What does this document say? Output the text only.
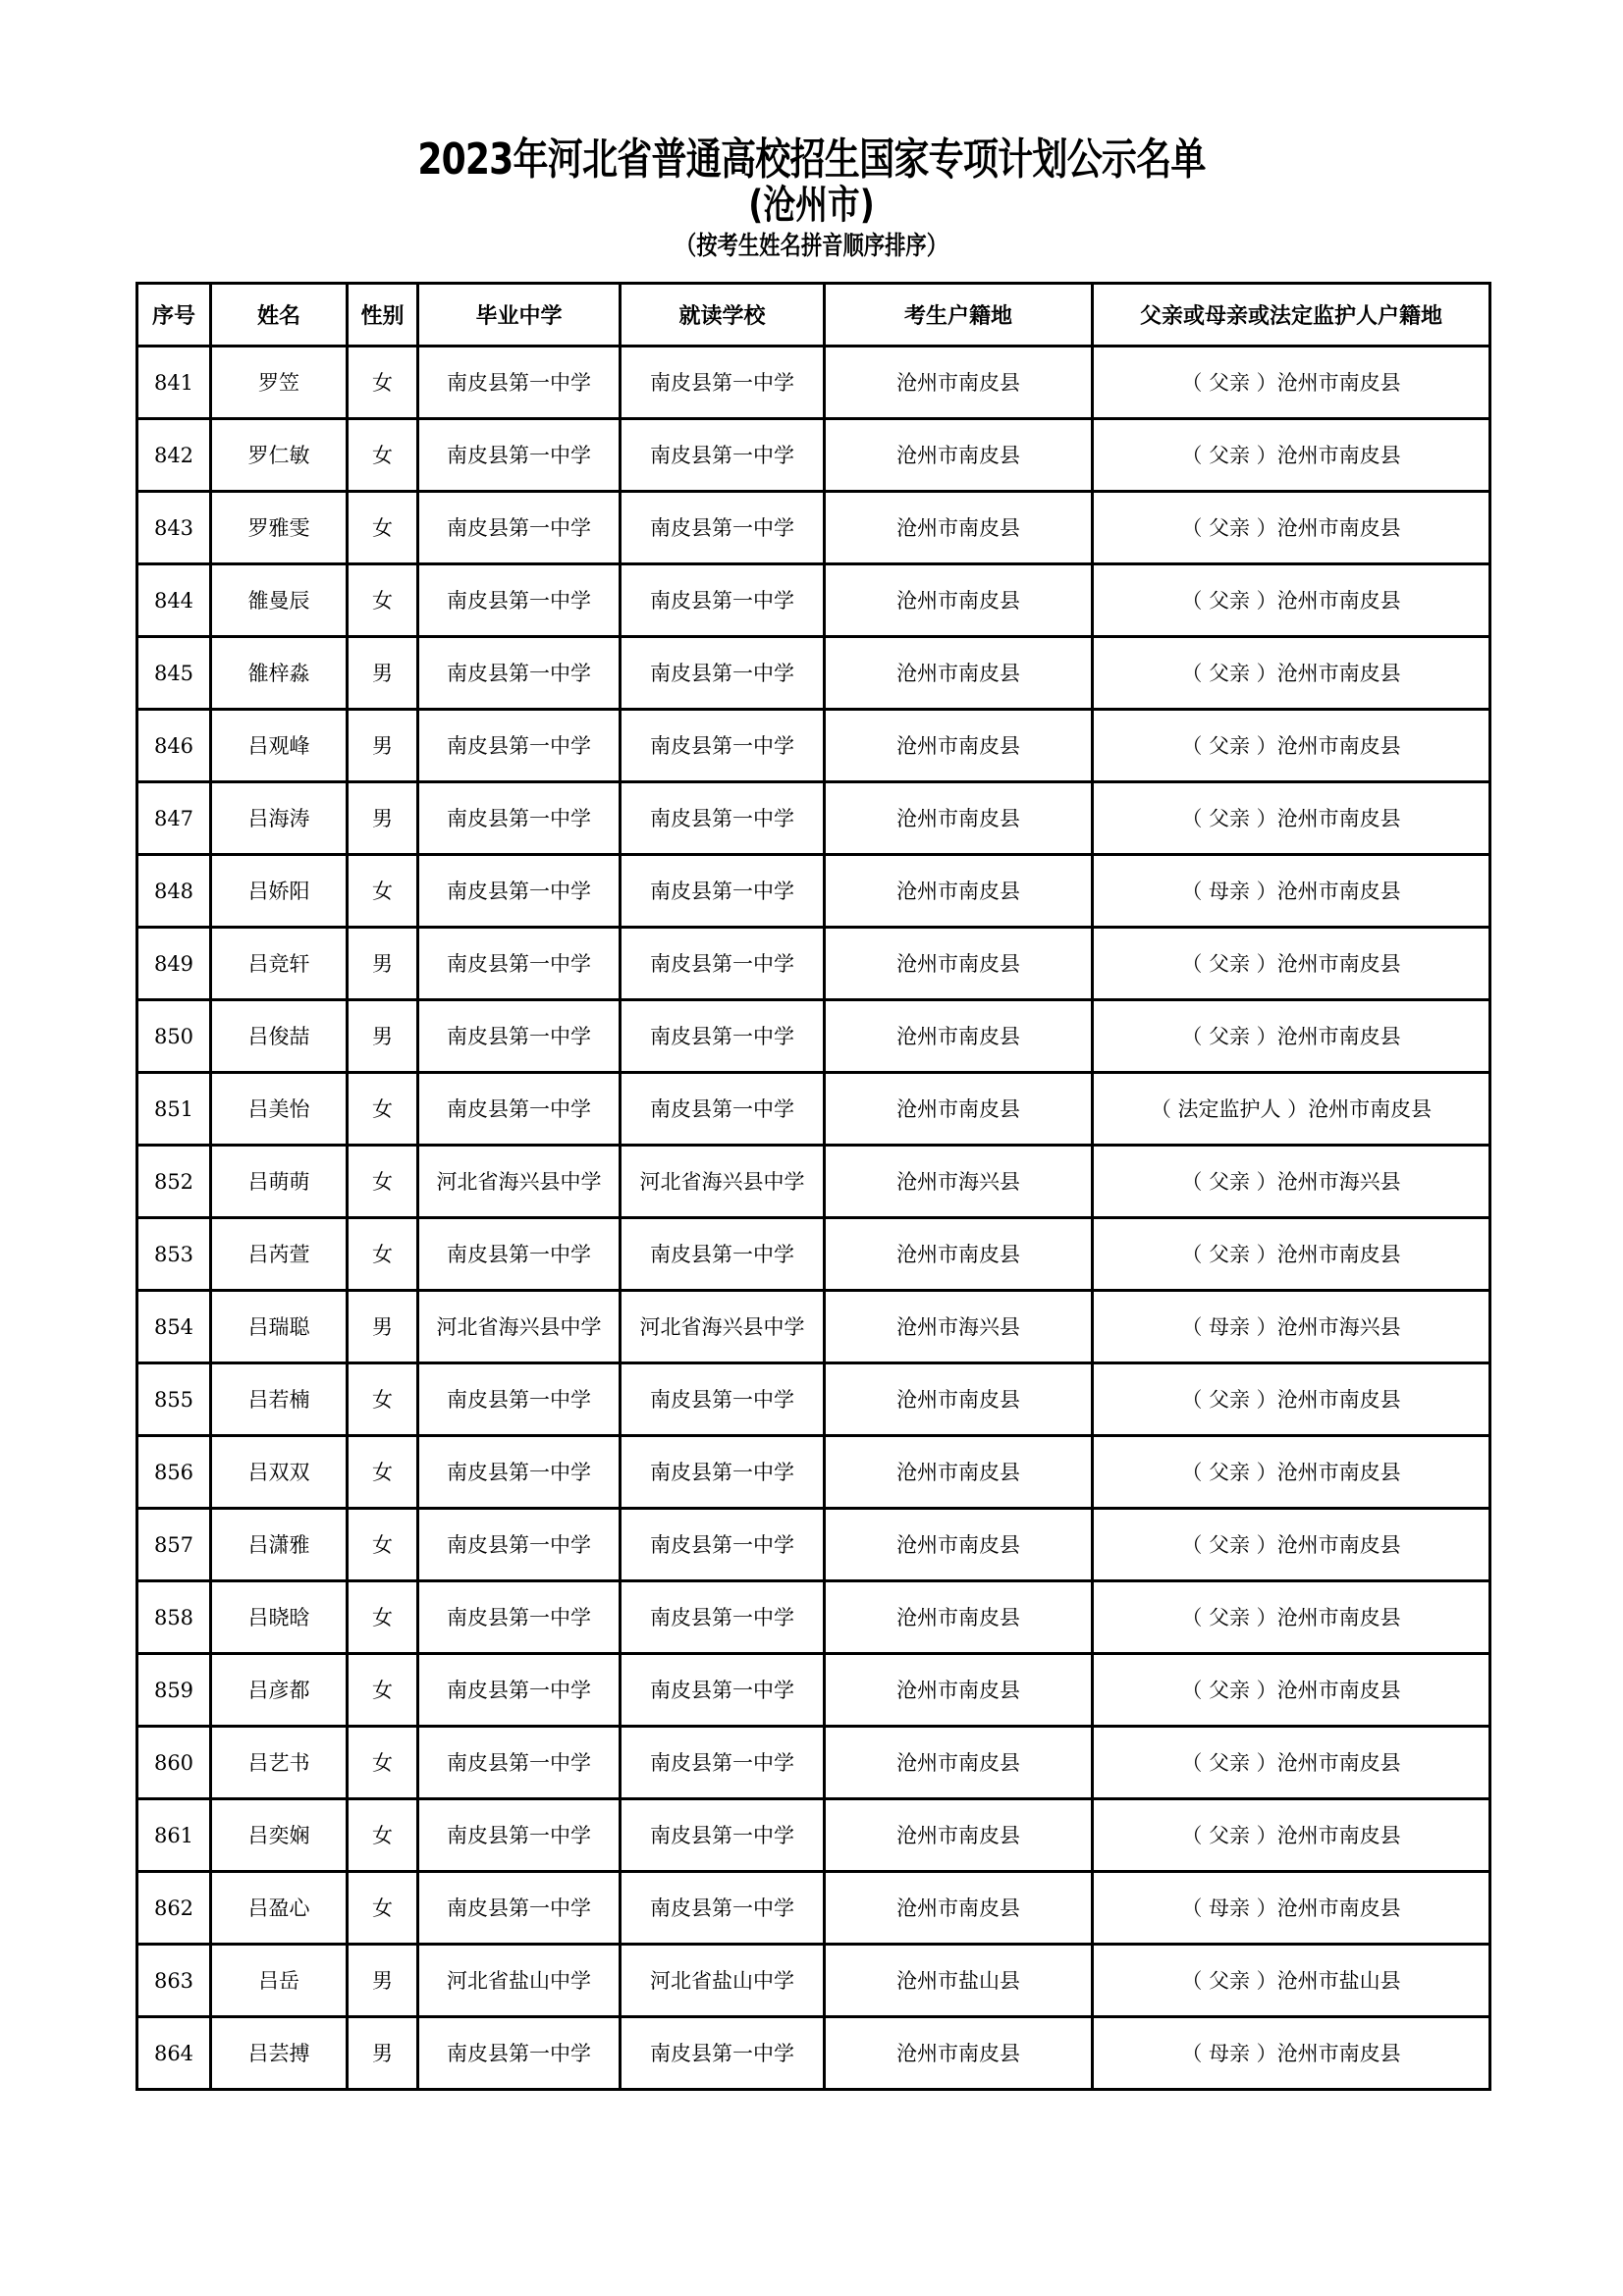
2023年河北省普通高校招生国家专项计划公示名单
(沧州市)
（按考生姓名拼音顺序排序）
序号	姓名	性别	毕业中学	就读学校	考生户籍地	父亲或母亲或法定监护人户籍地
841	罗笠	女	南皮县第一中学	南皮县第一中学	沧州市南皮县	（ 父亲 ）沧州市南皮县
842	罗仁敏	女	南皮县第一中学	南皮县第一中学	沧州市南皮县	（ 父亲 ）沧州市南皮县
843	罗雅雯	女	南皮县第一中学	南皮县第一中学	沧州市南皮县	（ 父亲 ）沧州市南皮县
844	雒曼辰	女	南皮县第一中学	南皮县第一中学	沧州市南皮县	（ 父亲 ）沧州市南皮县
845	雒梓淼	男	南皮县第一中学	南皮县第一中学	沧州市南皮县	（ 父亲 ）沧州市南皮县
846	吕观峰	男	南皮县第一中学	南皮县第一中学	沧州市南皮县	（ 父亲 ）沧州市南皮县
847	吕海涛	男	南皮县第一中学	南皮县第一中学	沧州市南皮县	（ 父亲 ）沧州市南皮县
848	吕娇阳	女	南皮县第一中学	南皮县第一中学	沧州市南皮县	（ 母亲 ）沧州市南皮县
849	吕竞轩	男	南皮县第一中学	南皮县第一中学	沧州市南皮县	（ 父亲 ）沧州市南皮县
850	吕俊喆	男	南皮县第一中学	南皮县第一中学	沧州市南皮县	（ 父亲 ）沧州市南皮县
851	吕美怡	女	南皮县第一中学	南皮县第一中学	沧州市南皮县	（ 法定监护人 ）沧州市南皮县
852	吕萌萌	女	河北省海兴县中学	河北省海兴县中学	沧州市海兴县	（ 父亲 ）沧州市海兴县
853	吕芮萱	女	南皮县第一中学	南皮县第一中学	沧州市南皮县	（ 父亲 ）沧州市南皮县
854	吕瑞聪	男	河北省海兴县中学	河北省海兴县中学	沧州市海兴县	（ 母亲 ）沧州市海兴县
855	吕若楠	女	南皮县第一中学	南皮县第一中学	沧州市南皮县	（ 父亲 ）沧州市南皮县
856	吕双双	女	南皮县第一中学	南皮县第一中学	沧州市南皮县	（ 父亲 ）沧州市南皮县
857	吕潇雅	女	南皮县第一中学	南皮县第一中学	沧州市南皮县	（ 父亲 ）沧州市南皮县
858	吕晓晗	女	南皮县第一中学	南皮县第一中学	沧州市南皮县	（ 父亲 ）沧州市南皮县
859	吕彦都	女	南皮县第一中学	南皮县第一中学	沧州市南皮县	（ 父亲 ）沧州市南皮县
860	吕艺书	女	南皮县第一中学	南皮县第一中学	沧州市南皮县	（ 父亲 ）沧州市南皮县
861	吕奕娴	女	南皮县第一中学	南皮县第一中学	沧州市南皮县	（ 父亲 ）沧州市南皮县
862	吕盈心	女	南皮县第一中学	南皮县第一中学	沧州市南皮县	（ 母亲 ）沧州市南皮县
863	吕岳	男	河北省盐山中学	河北省盐山中学	沧州市盐山县	（ 父亲 ）沧州市盐山县
864	吕芸搏	男	南皮县第一中学	南皮县第一中学	沧州市南皮县	（ 母亲 ）沧州市南皮县
